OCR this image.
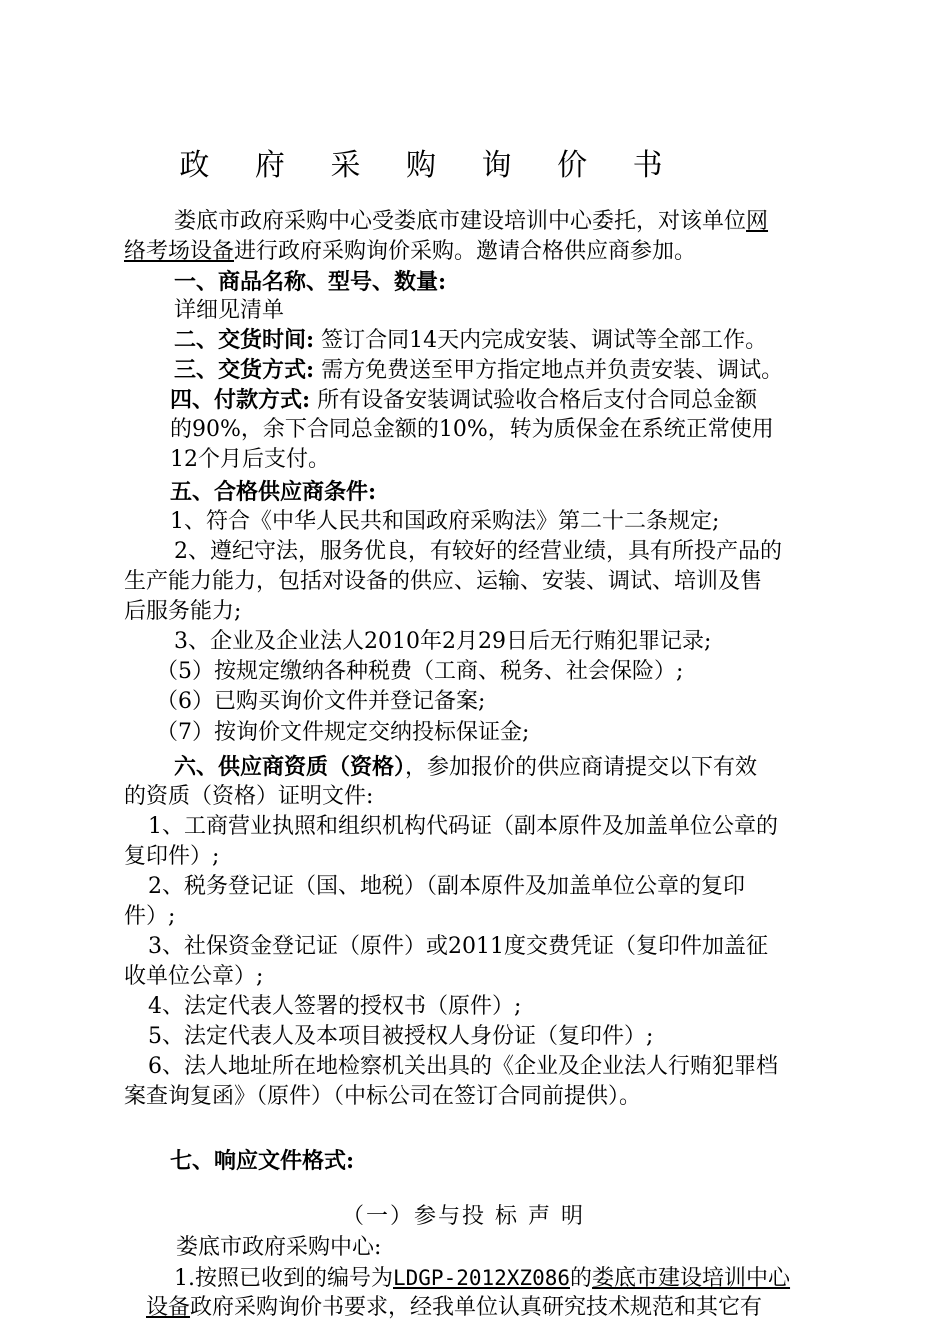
政 府 采 购 询 价 书
娄底市政府采购中心受娄底市建设培训中心委托，对该单位网
络考场设备进行政府采购询价采购。邀请合格供应商参加。
一、商品名称、型号、数量:
详细见清单
二、交货时间: 签订合同14天内完成安装、调试等全部工作。
三、交货方式: 需方免费送至甲方指定地点并负责安装、调试。
四、付款方式: 所有设备安装调试验收合格后支付合同总金额
的90%，余下合同总金额的10%，转为质保金在系统正常使用
12个月后支付。
五、合格供应商条件:
1、符合《中华人民共和国政府采购法》第二十二条规定;
2、遵纪守法，服务优良，有较好的经营业绩，具有所投产品的
生产能力能力，包括对设备的供应、运输、安装、调试、培训及售
后服务能力;
3、企业及企业法人2010年2月29日后无行贿犯罪记录;
（5）按规定缴纳各种税费（工商、税务、社会保险）;
（6）已购买询价文件并登记备案;
（7）按询价文件规定交纳投标保证金;
六、供应商资质（资格），参加报价的供应商请提交以下有效
的资质（资格）证明文件:
1、工商营业执照和组织机构代码证（副本原件及加盖单位公章的
复印件）;
2、税务登记证（国、地税）（副本原件及加盖单位公章的复印
件）;
3、社保资金登记证（原件）或2011度交费凭证（复印件加盖征
收单位公章）;
4、法定代表人签署的授权书（原件）;
5、法定代表人及本项目被授权人身份证（复印件）;
6、法人地址所在地检察机关出具的《企业及企业法人行贿犯罪档
案查询复函》（原件）（中标公司在签订合同前提供）。
七、响应文件格式:
（一）参与投 标 声 明
娄底市政府采购中心:
1.按照已收到的编号为LDGP-2012XZ086的娄底市建设培训中心
设备政府采购询价书要求，经我单位认真研究技术规范和其它有
